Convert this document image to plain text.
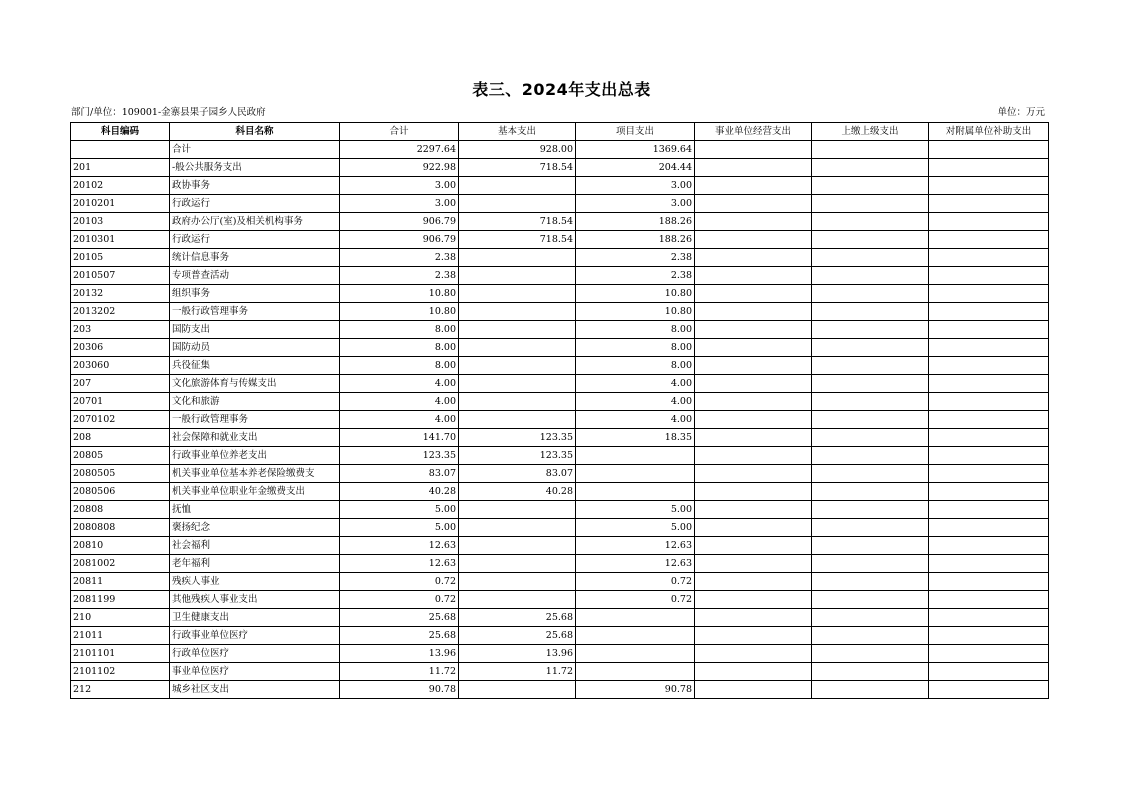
表三、2024年支出总表
部门/单位：109001-金寨县果子园乡人民政府	单位：万元
科目编码	科目名称	合计	基本支出	项目支出	事业单位经营支出	上缴上级支出	对附属单位补助支出
	合计	2297.64	928.00	1369.64			
201	-般公共服务支出	922.98	718.54	204.44			
20102	政协事务	3.00		3.00			
2010201	行政运行	3.00		3.00			
20103	政府办公厅(室)及相关机构事务	906.79	718.54	188.26			
2010301	行政运行	906.79	718.54	188.26			
20105	统计信息事务	2.38		2.38			
2010507	专项普查活动	2.38		2.38			
20132	组织事务	10.80		10.80			
2013202	一般行政管理事务	10.80		10.80			
203	国防支出	8.00		8.00			
20306	国防动员	8.00		8.00			
203060	兵役征集	8.00		8.00			
207	文化旅游体育与传媒支出	4.00		4.00			
20701	文化和旅游	4.00		4.00			
2070102	一般行政管理事务	4.00		4.00			
208	社会保障和就业支出	141.70	123.35	18.35			
20805	行政事业单位养老支出	123.35	123.35				
2080505	机关事业单位基本养老保险缴费支	83.07	83.07				
2080506	机关事业单位职业年金缴费支出	40.28	40.28				
20808	抚恤	5.00		5.00			
2080808	褒扬纪念	5.00		5.00			
20810	社会福利	12.63		12.63			
2081002	老年福利	12.63		12.63			
20811	残疾人事业	0.72		0.72			
2081199	其他残疾人事业支出	0.72		0.72			
210	卫生健康支出	25.68	25.68				
21011	行政事业单位医疗	25.68	25.68				
2101101	行政单位医疗	13.96	13.96				
2101102	事业单位医疗	11.72	11.72				
212	城乡社区支出	90.78		90.78			
